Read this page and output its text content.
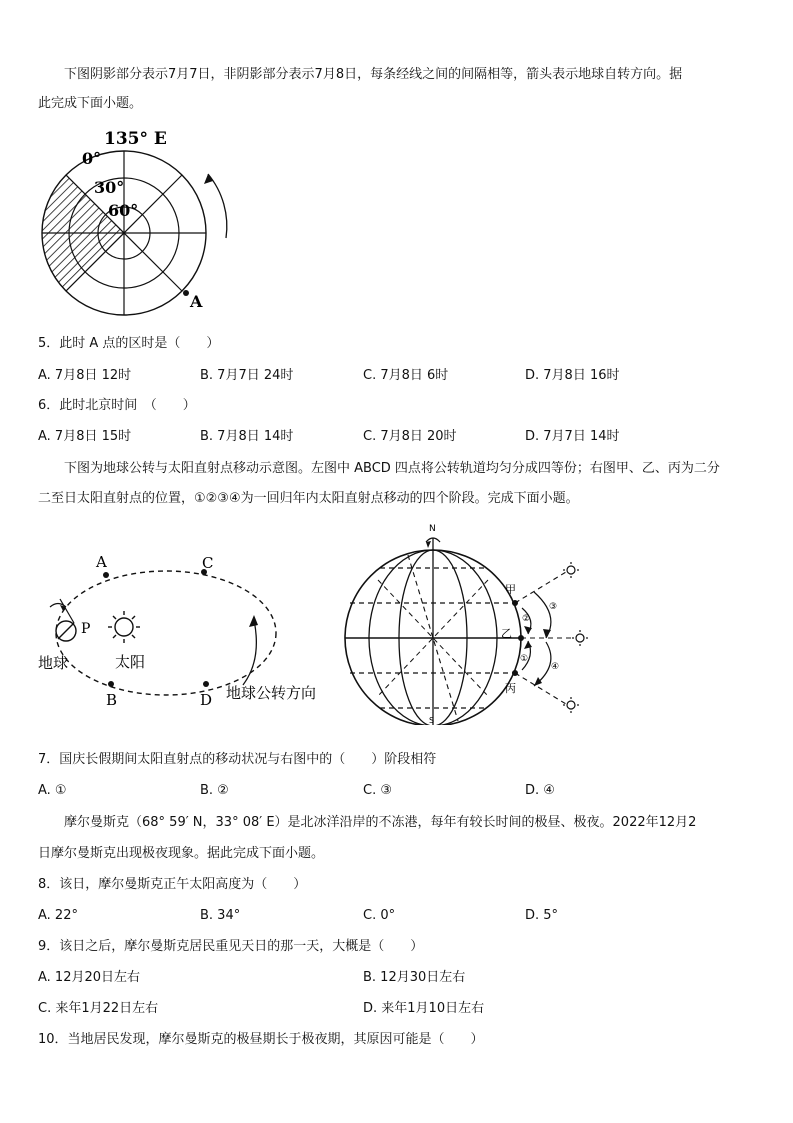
下图阴影部分表示7月7日，非阴影部分表示7月8日，每条经线之间的间隔相等，箭头表示地球自转方向。据
此完成下面小题。
135° E
0°
30°
60°
A
5．此时 A 点的区时是（　　）
A. 7月8日 12时	B. 7月7日 24时	C. 7月8日 6时	D. 7月8日 16时
6．此时北京时间　（　　）
A. 7月8日 15时	B. 7月8日 14时	C. 7月8日 20时	D. 7月7日 14时
下图为地球公转与太阳直射点移动示意图。左图中 ABCD 四点将公转轨道均匀分成四等份；右图甲、乙、丙为二分
二至日太阳直射点的位置，①②③④为一回归年内太阳直射点移动的四个阶段。完成下面小题。
A	C
B	D
P
地球	太阳
地球公转方向
N
S
甲
乙
丙
②
①
③
④
7．国庆长假期间太阳直射点的移动状况与右图中的（　　）阶段相符
A. ①	B. ②	C. ③	D. ④
摩尔曼斯克（68° 59′ N，33° 08′ E）是北冰洋沿岸的不冻港，每年有较长时间的极昼、极夜。2022年12月2
日摩尔曼斯克出现极夜现象。据此完成下面小题。
8．该日，摩尔曼斯克正午太阳高度为（　　）
A. 22°	B. 34°	C. 0°	D. 5°
9．该日之后，摩尔曼斯克居民重见天日的那一天，大概是（　　）
A. 12月20日左右	B. 12月30日左右
C. 来年1月22日左右	D. 来年1月10日左右
10．当地居民发现，摩尔曼斯克的极昼期长于极夜期，其原因可能是（　　）
